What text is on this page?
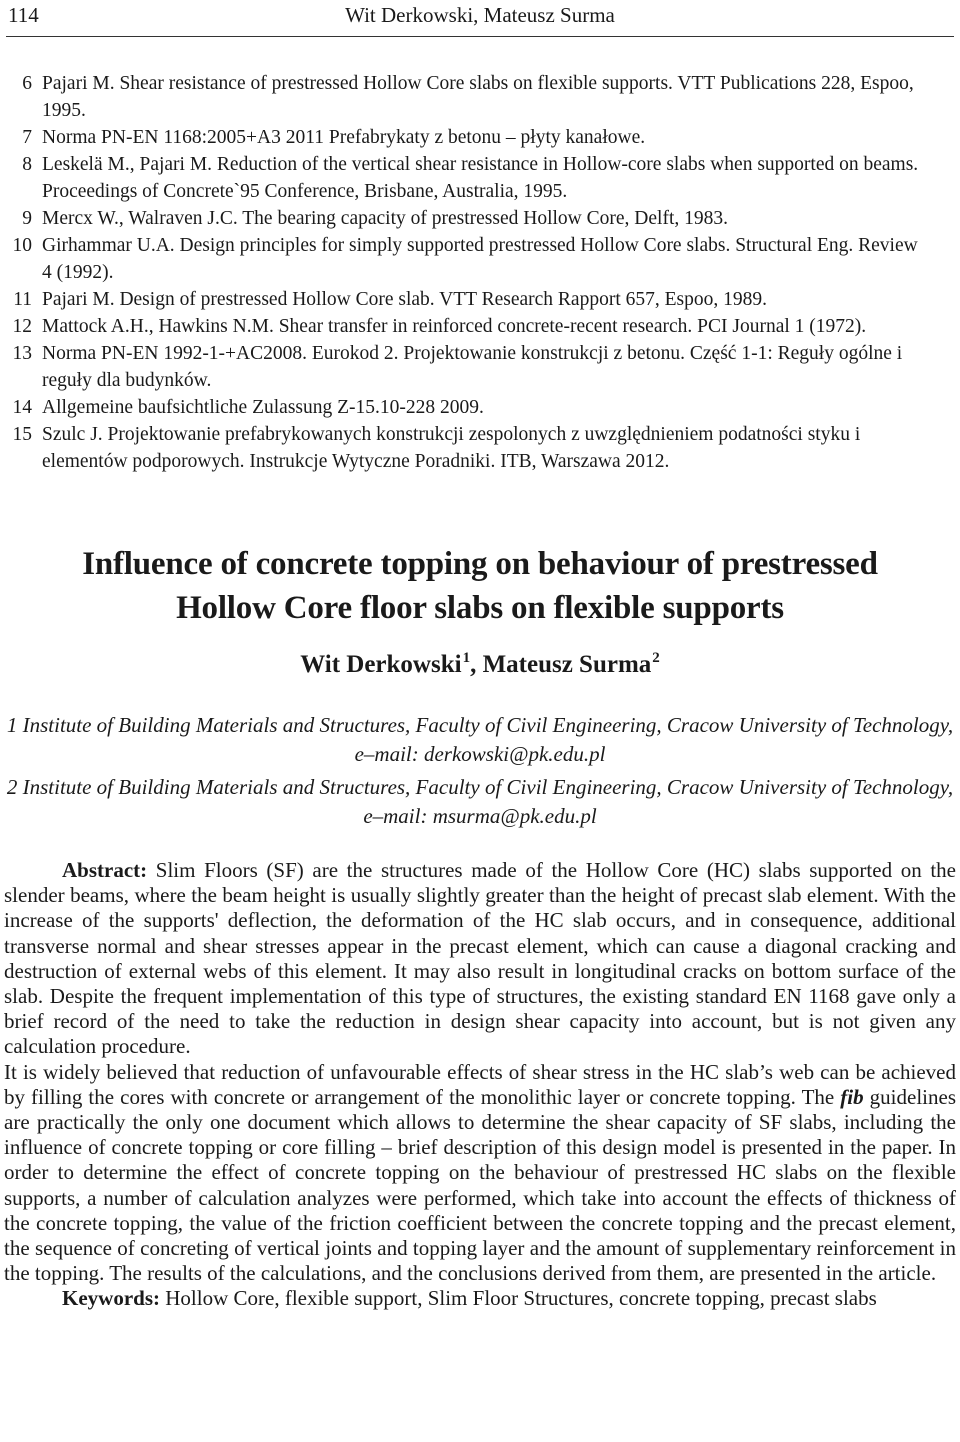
114	Wit Derkowski, Mateusz Surma
6 Pajari M. Shear resistance of prestressed Hollow Core slabs on flexible supports. VTT Publications 228, Espoo, 1995.
7 Norma PN-EN 1168:2005+A3 2011 Prefabrykaty z betonu – płyty kanałowe.
8 Leskelä M., Pajari M. Reduction of the vertical shear resistance in Hollow-core slabs when supported on beams. Proceedings of Concrete`95 Conference, Brisbane, Australia, 1995.
9 Mercx W., Walraven J.C. The bearing capacity of prestressed Hollow Core, Delft, 1983.
10 Girhammar U.A. Design principles for simply supported prestressed Hollow Core slabs. Structural Eng. Review 4 (1992).
11 Pajari M. Design of prestressed Hollow Core slab. VTT Research Rapport 657, Espoo, 1989.
12 Mattock A.H., Hawkins N.M. Shear transfer in reinforced concrete-recent research. PCI Journal 1 (1972).
13 Norma PN-EN 1992-1-+AC2008. Eurokod 2. Projektowanie konstrukcji z betonu. Część 1-1: Reguły ogólne i reguły dla budynków.
14 Allgemeine baufsichtliche Zulassung Z-15.10-228 2009.
15 Szulc J. Projektowanie prefabrykowanych konstrukcji zespolonych z uwzględnieniem podatności styku i elementów podporowych. Instrukcje Wytyczne Poradniki. ITB, Warszawa 2012.
Influence of concrete topping on behaviour of prestressed
Hollow Core floor slabs on flexible supports
Wit Derkowski$^1$, Mateusz Surma$^2$
1 Institute of Building Materials and Structures, Faculty of Civil Engineering, Cracow University of Technology, e–mail: derkowski@pk.edu.pl
2 Institute of Building Materials and Structures, Faculty of Civil Engineering, Cracow University of Technology, e–mail: msurma@pk.edu.pl

Abstract: Slim Floors (SF) are the structures made of the Hollow Core (HC) slabs supported on the slender beams, where the beam height is usually slightly greater than the height of precast slab element. With the increase of the supports' deflection, the deformation of the HC slab occurs, and in consequence, additional transverse normal and shear stresses appear in the precast element, which can cause a diagonal cracking and destruction of external webs of this element. It may also result in longitudinal cracks on bottom surface of the slab. Despite the frequent implementation of this type of structures, the existing standard EN 1168 gave only a brief record of the need to take the reduction in design shear capacity into account, but is not given any calculation procedure.

It is widely believed that reduction of unfavourable effects of shear stress in the HC slab’s web can be achieved by filling the cores with concrete or arrangement of the monolithic layer or concrete topping. The fib guidelines are practically the only one document which allows to determine the shear capacity of SF slabs, including the influence of concrete topping or core filling – brief description of this design model is presented in the paper. In order to determine the effect of concrete topping on the behaviour of prestressed HC slabs on the flexible supports, a number of calculation analyzes were performed, which take into account the effects of thickness of the concrete topping, the value of the friction coefficient between the concrete topping and the precast element, the sequence of concreting of vertical joints and topping layer and the amount of supplementary reinforcement in the topping. The results of the calculations, and the conclusions derived from them, are presented in the article.

Keywords: Hollow Core, flexible support, Slim Floor Structures, concrete topping, precast slabs
